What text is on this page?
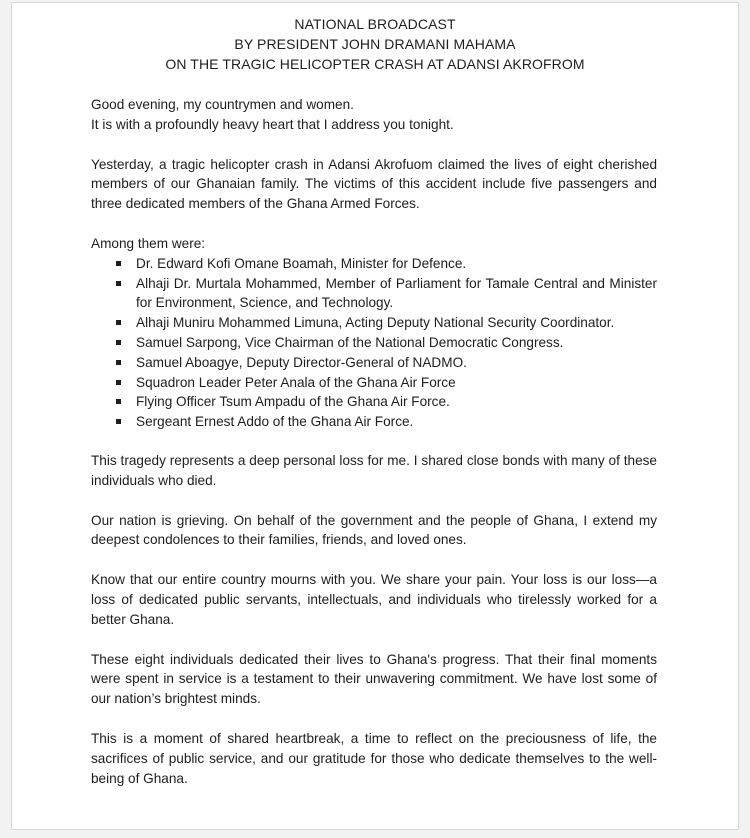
NATIONAL BROADCAST
BY PRESIDENT JOHN DRAMANI MAHAMA
ON THE TRAGIC HELICOPTER CRASH AT ADANSI AKROFROM

Good evening, my countrymen and women.
It is with a profoundly heavy heart that I address you tonight.

Yesterday, a tragic helicopter crash in Adansi Akrofuom claimed the lives of eight cherished members of our Ghanaian family. The victims of this accident include five passengers and three dedicated members of the Ghana Armed Forces.

Among them were:

Dr. Edward Kofi Omane Boamah, Minister for Defence.
Alhaji Dr. Murtala Mohammed, Member of Parliament for Tamale Central and Minister for Environment, Science, and Technology.
Alhaji Muniru Mohammed Limuna, Acting Deputy National Security Coordinator.
Samuel Sarpong, Vice Chairman of the National Democratic Congress.
Samuel Aboagye, Deputy Director-General of NADMO.
Squadron Leader Peter Anala of the Ghana Air Force
Flying Officer Tsum Ampadu of the Ghana Air Force.
Sergeant Ernest Addo of the Ghana Air Force.

This tragedy represents a deep personal loss for me. I shared close bonds with many of these individuals who died.

Our nation is grieving. On behalf of the government and the people of Ghana, I extend my deepest condolences to their families, friends, and loved ones.

Know that our entire country mourns with you. We share your pain. Your loss is our loss—a loss of dedicated public servants, intellectuals, and individuals who tirelessly worked for a better Ghana.

These eight individuals dedicated their lives to Ghana's progress. That their final moments were spent in service is a testament to their unwavering commitment. We have lost some of our nation’s brightest minds.

This is a moment of shared heartbreak, a time to reflect on the preciousness of life, the sacrifices of public service, and our gratitude for those who dedicate themselves to the well-being of Ghana.
